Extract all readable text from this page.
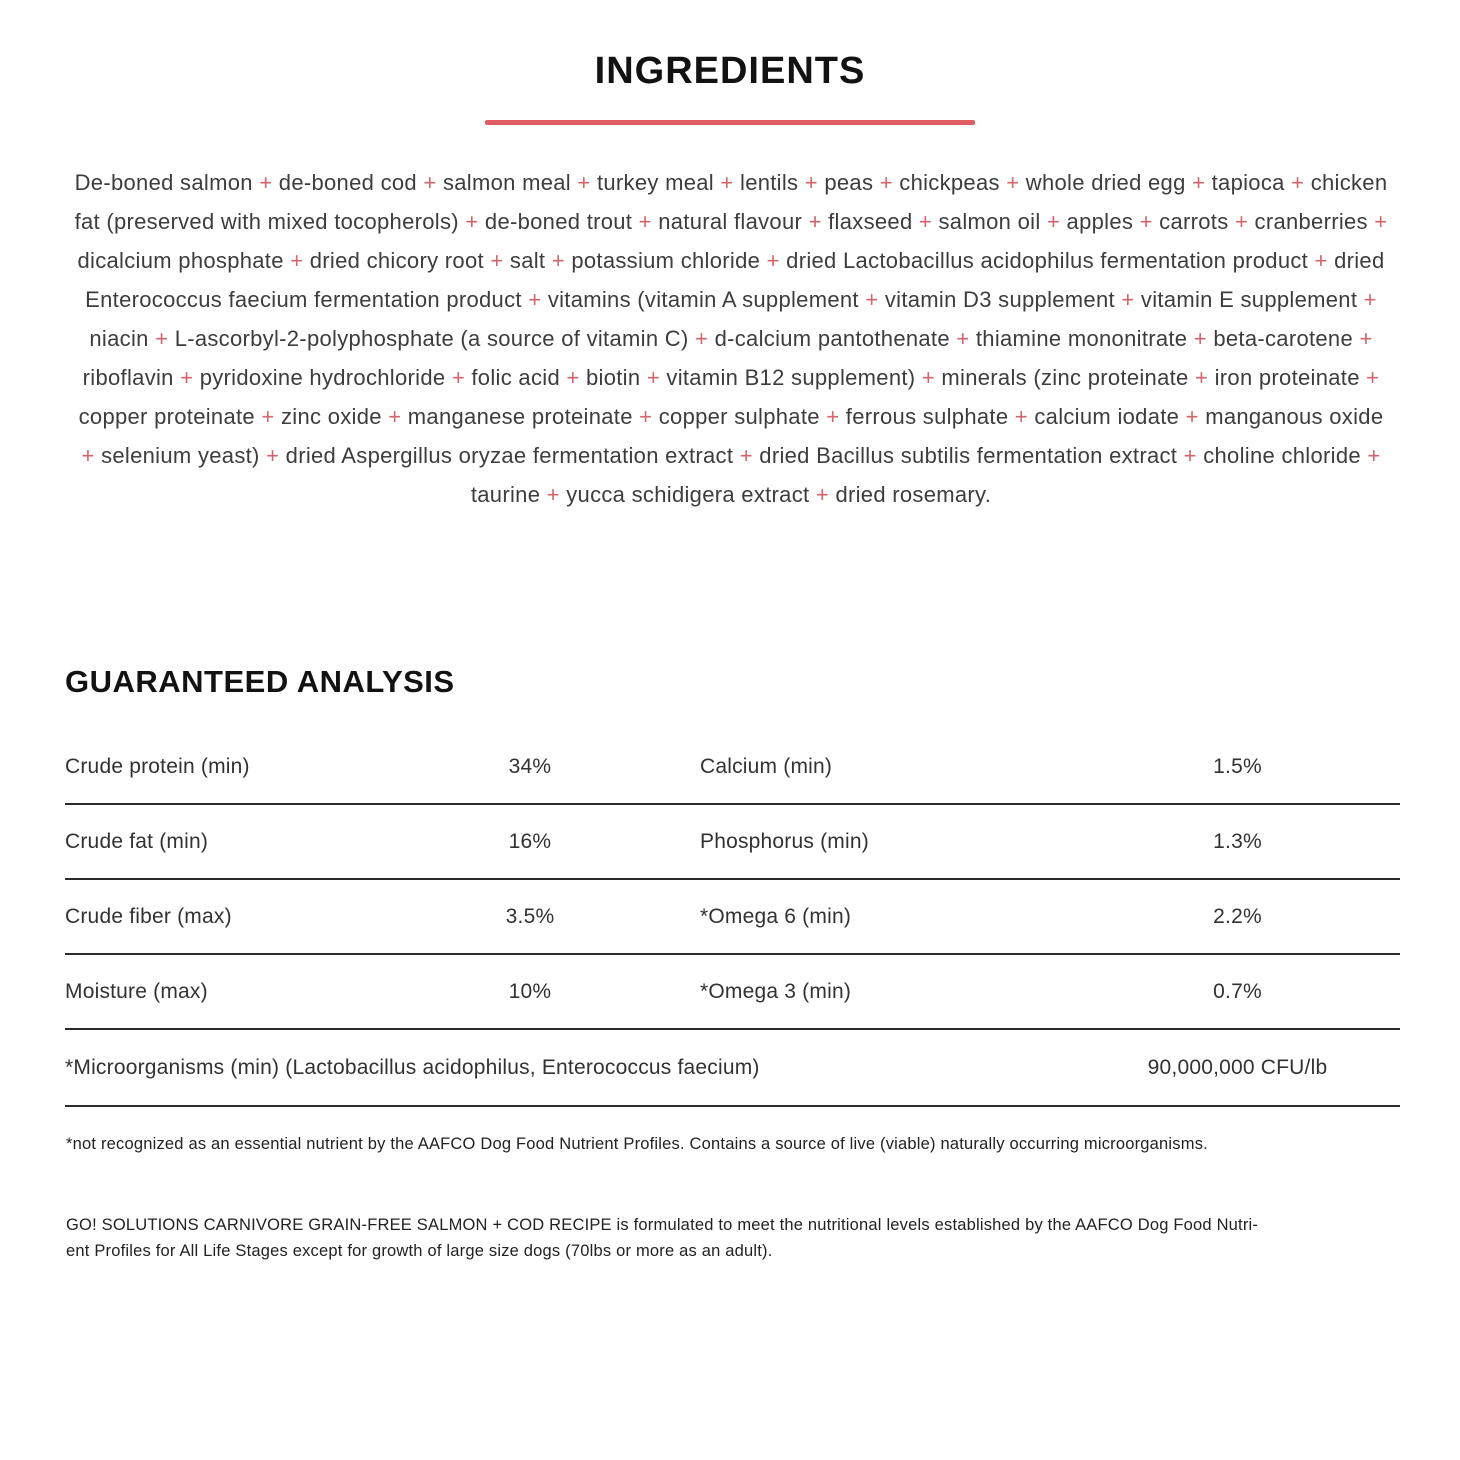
INGREDIENTS
De-boned salmon + de-boned cod + salmon meal + turkey meal + lentils + peas + chickpeas + whole dried egg + tapioca + chicken fat (preserved with mixed tocopherols) + de-boned trout + natural flavour + flaxseed + salmon oil + apples + carrots + cranberries + dicalcium phosphate + dried chicory root + salt + potassium chloride + dried Lactobacillus acidophilus fermentation product + dried Enterococcus faecium fermentation product + vitamins (vitamin A supplement + vitamin D3 supplement + vitamin E supplement + niacin + L-ascorbyl-2-polyphosphate (a source of vitamin C) + d-calcium pantothenate + thiamine mononitrate + beta-carotene + riboflavin + pyridoxine hydrochloride + folic acid + biotin + vitamin B12 supplement) + minerals (zinc proteinate + iron proteinate + copper proteinate + zinc oxide + manganese proteinate + copper sulphate + ferrous sulphate + calcium iodate + manganous oxide + selenium yeast) + dried Aspergillus oryzae fermentation extract + dried Bacillus subtilis fermentation extract + choline chloride + taurine + yucca schidigera extract + dried rosemary.
GUARANTEED ANALYSIS
Crude protein (min)	34%	Calcium (min)	1.5%
Crude fat (min)	16%	Phosphorus (min)	1.3%
Crude fiber (max)	3.5%	*Omega 6 (min)	2.2%
Moisture (max)	10%	*Omega 3 (min)	0.7%
*Microorganisms (min) (Lactobacillus acidophilus, Enterococcus faecium)	90,000,000 CFU/lb
*not recognized as an essential nutrient by the AAFCO Dog Food Nutrient Profiles. Contains a source of live (viable) naturally occurring microorganisms.
GO! SOLUTIONS CARNIVORE GRAIN-FREE SALMON + COD RECIPE is formulated to meet the nutritional levels established by the AAFCO Dog Food Nutri-
ent Profiles for All Life Stages except for growth of large size dogs (70lbs or more as an adult).
